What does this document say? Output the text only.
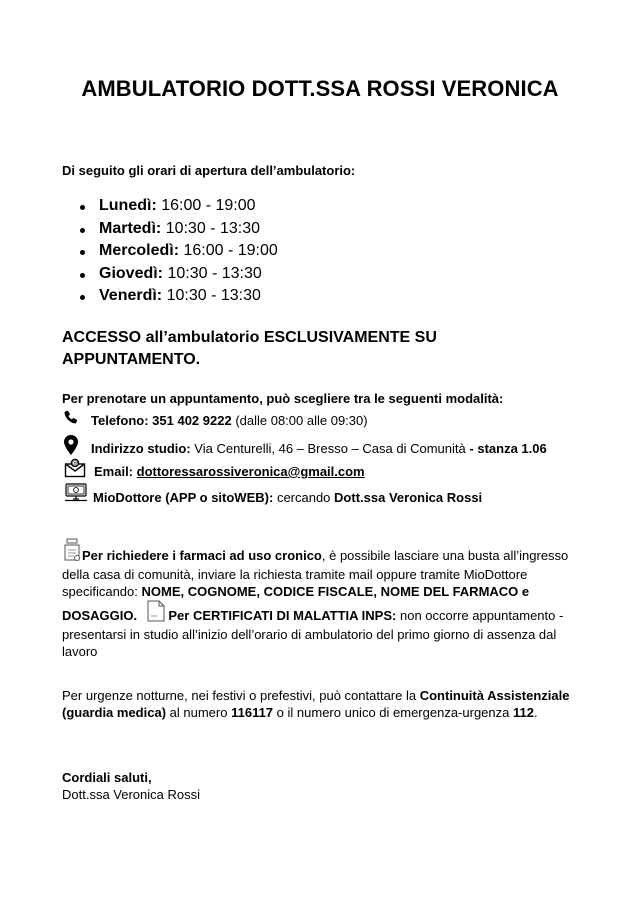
AMBULATORIO DOTT.SSA ROSSI VERONICA
Di seguito gli orari di apertura dell’ambulatorio:
Lunedì: 16:00 - 19:00
Martedì: 10:30 - 13:30
Mercoledì: 16:00 - 19:00
Giovedì: 10:30 - 13:30
Venerdì: 10:30 - 13:30
ACCESSO all’ambulatorio ESCLUSIVAMENTE SU APPUNTAMENTO.
Per prenotare un appuntamento, può scegliere tra le seguenti modalità:
Telefono: 351 402 9222 (dalle 08:00 alle 09:30)
Indirizzo studio: Via Centurelli, 46 – Bresso – Casa di Comunità - stanza 1.06
@
Email: dottoressarossiveronica@gmail.com
MioDottore (APP o sitoWEB): cercando Dott.ssa Veronica Rossi
Per richiedere i farmaci ad uso cronico, è possibile lasciare una busta all’ingresso della casa di comunità, inviare la richiesta tramite mail oppure tramite MioDottore specificando: NOME, COGNOME, CODICE FISCALE, NOME DEL FARMACO e DOSAGGIO. Per CERTIFICATI DI MALATTIA INPS: non occorre appuntamento - presentarsi in studio all’inizio dell’orario di ambulatorio del primo giorno di assenza dal lavoro
Per urgenze notturne, nei festivi o prefestivi, può contattare la Continuità Assistenziale (guardia medica) al numero 116117 o il numero unico di emergenza-urgenza 112.
Cordiali saluti,
Dott.ssa Veronica Rossi
